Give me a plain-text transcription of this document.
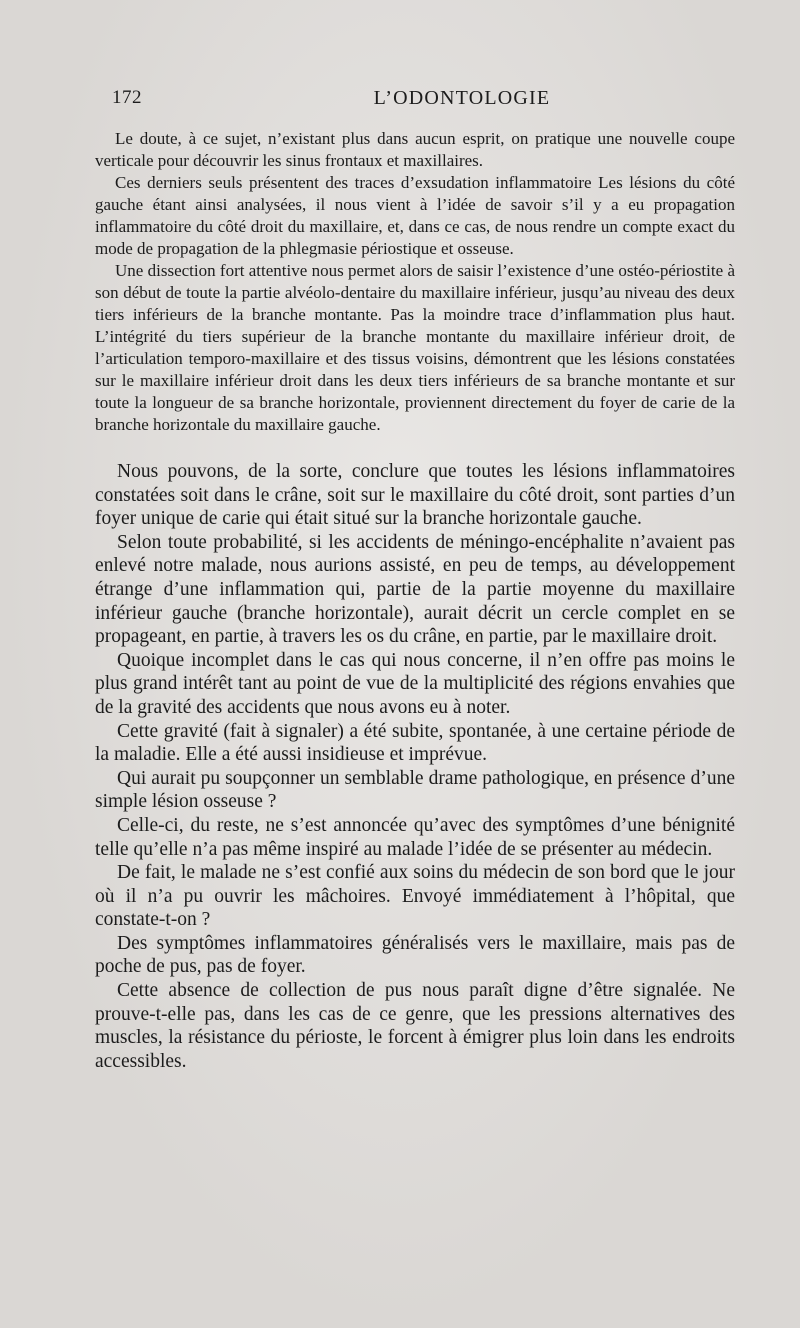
172	L’ODONTOLOGIE

Le doute, à ce sujet, n’existant plus dans aucun esprit, on pratique une nouvelle coupe verticale pour découvrir les sinus frontaux et maxillaires.

Ces derniers seuls présentent des traces d’exsudation inflammatoire Les lésions du côté gauche étant ainsi analysées, il nous vient à l’idée de savoir s’il y a eu propagation inflammatoire du côté droit du maxillaire, et, dans ce cas, de nous rendre un compte exact du mode de propagation de la phlegmasie périostique et osseuse.

Une dissection fort attentive nous permet alors de saisir l’existence d’une ostéo-périostite à son début de toute la partie alvéolo-dentaire du maxillaire inférieur, jusqu’au niveau des deux tiers inférieurs de la branche montante. Pas la moindre trace d’inflammation plus haut. L’intégrité du tiers supérieur de la branche montante du maxillaire inférieur droit, de l’articulation temporo-maxillaire et des tissus voisins, démontrent que les lésions constatées sur le maxillaire inférieur droit dans les deux tiers inférieurs de sa branche montante et sur toute la longueur de sa branche horizontale, proviennent directement du foyer de carie de la branche horizontale du maxillaire gauche.

Nous pouvons, de la sorte, conclure que toutes les lésions inflammatoires constatées soit dans le crâne, soit sur le maxillaire du côté droit, sont parties d’un foyer unique de carie qui était situé sur la branche horizontale gauche.

Selon toute probabilité, si les accidents de méningo-encéphalite n’avaient pas enlevé notre malade, nous aurions assisté, en peu de temps, au développement étrange d’une inflammation qui, partie de la partie moyenne du maxillaire inférieur gauche (branche horizontale), aurait décrit un cercle complet en se propageant, en partie, à travers les os du crâne, en partie, par le maxillaire droit.

Quoique incomplet dans le cas qui nous concerne, il n’en offre pas moins le plus grand intérêt tant au point de vue de la multiplicité des régions envahies que de la gravité des accidents que nous avons eu à noter.

Cette gravité (fait à signaler) a été subite, spontanée, à une certaine période de la maladie. Elle a été aussi insidieuse et imprévue.

Qui aurait pu soupçonner un semblable drame pathologique, en présence d’une simple lésion osseuse ?

Celle-ci, du reste, ne s’est annoncée qu’avec des symptômes d’une bénignité telle qu’elle n’a pas même inspiré au malade l’idée de se présenter au médecin.

De fait, le malade ne s’est confié aux soins du médecin de son bord que le jour où il n’a pu ouvrir les mâchoires. Envoyé immédiatement à l’hôpital, que constate-t-on ?

Des symptômes inflammatoires généralisés vers le maxillaire, mais pas de poche de pus, pas de foyer.

Cette absence de collection de pus nous paraît digne d’être signalée. Ne prouve-t-elle pas, dans les cas de ce genre, que les pressions alternatives des muscles, la résistance du périoste, le forcent à émigrer plus loin dans les endroits accessibles.
